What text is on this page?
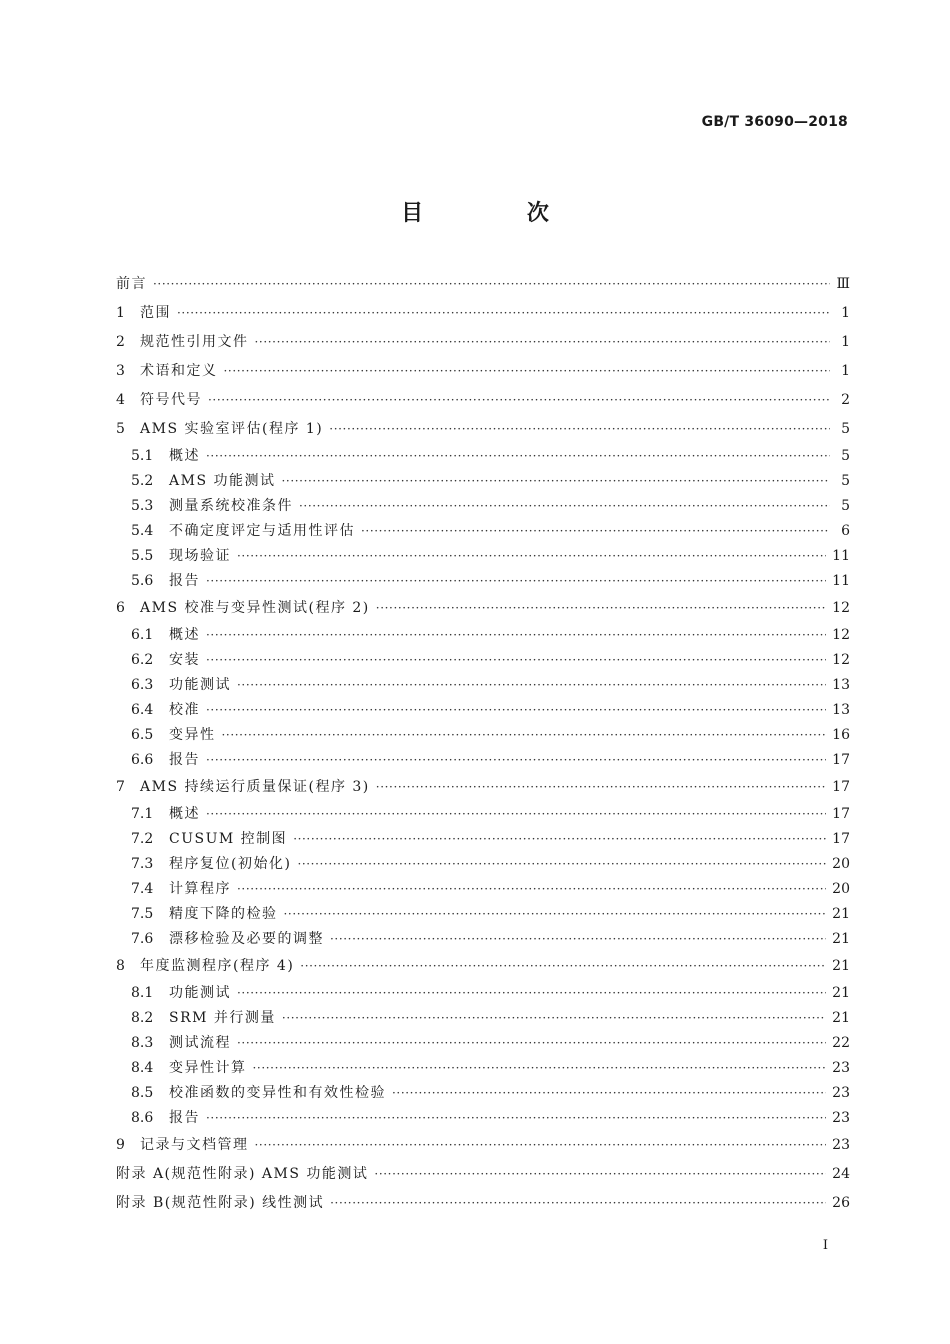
GB/T 36090—2018
目 次
前言 ·····	Ⅲ
1	范围 ·····	1
2	规范性引用文件 ·····	1
3	术语和定义 ·····	1
4	符号代号 ·····	2
5	AMS 实验室评估(程序 1) ·····	5
5.1	概述 ·····	5
5.2	AMS 功能测试 ·····	5
5.3	测量系统校准条件 ·····	5
5.4	不确定度评定与适用性评估 ·····	6
5.5	现场验证 ·····	11
5.6	报告 ·····	11
6	AMS 校准与变异性测试(程序 2) ·····	12
6.1	概述 ·····	12
6.2	安装 ·····	12
6.3	功能测试 ·····	13
6.4	校准 ·····	13
6.5	变异性 ·····	16
6.6	报告 ·····	17
7	AMS 持续运行质量保证(程序 3) ·····	17
7.1	概述 ·····	17
7.2	CUSUM 控制图 ·····	17
7.3	程序复位(初始化) ·····	20
7.4	计算程序 ·····	20
7.5	精度下降的检验 ·····	21
7.6	漂移检验及必要的调整 ·····	21
8	年度监测程序(程序 4) ·····	21
8.1	功能测试 ·····	21
8.2	SRM 并行测量 ·····	21
8.3	测试流程 ·····	22
8.4	变异性计算 ·····	23
8.5	校准函数的变异性和有效性检验 ·····	23
8.6	报告 ·····	23
9	记录与文档管理 ·····	23
附录 A(规范性附录) AMS 功能测试 ·····	24
附录 B(规范性附录) 线性测试 ·····	26
I
